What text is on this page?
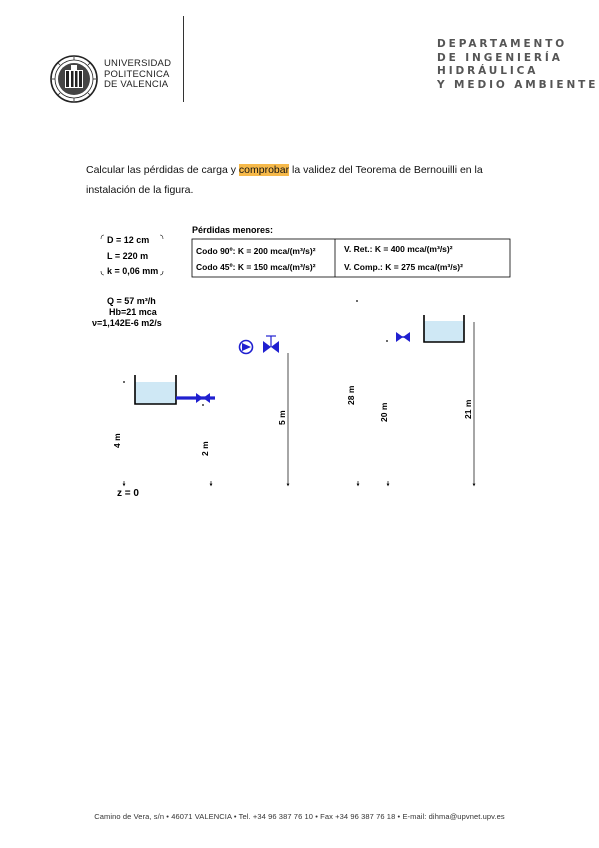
UNIVERSIDAD
POLITECNICA
DE VALENCIA
DEPARTAMENTO
DE INGENIERÍA
HIDRÁULICA
Y MEDIO AMBIENTE

Calcular las pérdidas de carga y comprobar la validez del Teorema de Bernouilli en la instalación de la figura.

D = 12 cm
L = 220 m
k = 0,06 mm
Q = 57 m³/h
Hb=21 mca
ν=1,142E-6 m2/s
Pérdidas menores:
Codo 90º: K = 200 mca/(m³/s)²
Codo 45º: K = 150 mca/(m³/s)²
V. Ret.: K = 400 mca/(m³/s)²
V. Comp.: K = 275 mca/(m³/s)²
4 m
2 m
5 m
28 m
20 m	21 m
z = 0
Camino de Vera, s/n • 46071 VALENCIA • Tel. +34 96 387 76 10 • Fax +34 96 387 76 18 • E-mail: dihma@upvnet.upv.es
